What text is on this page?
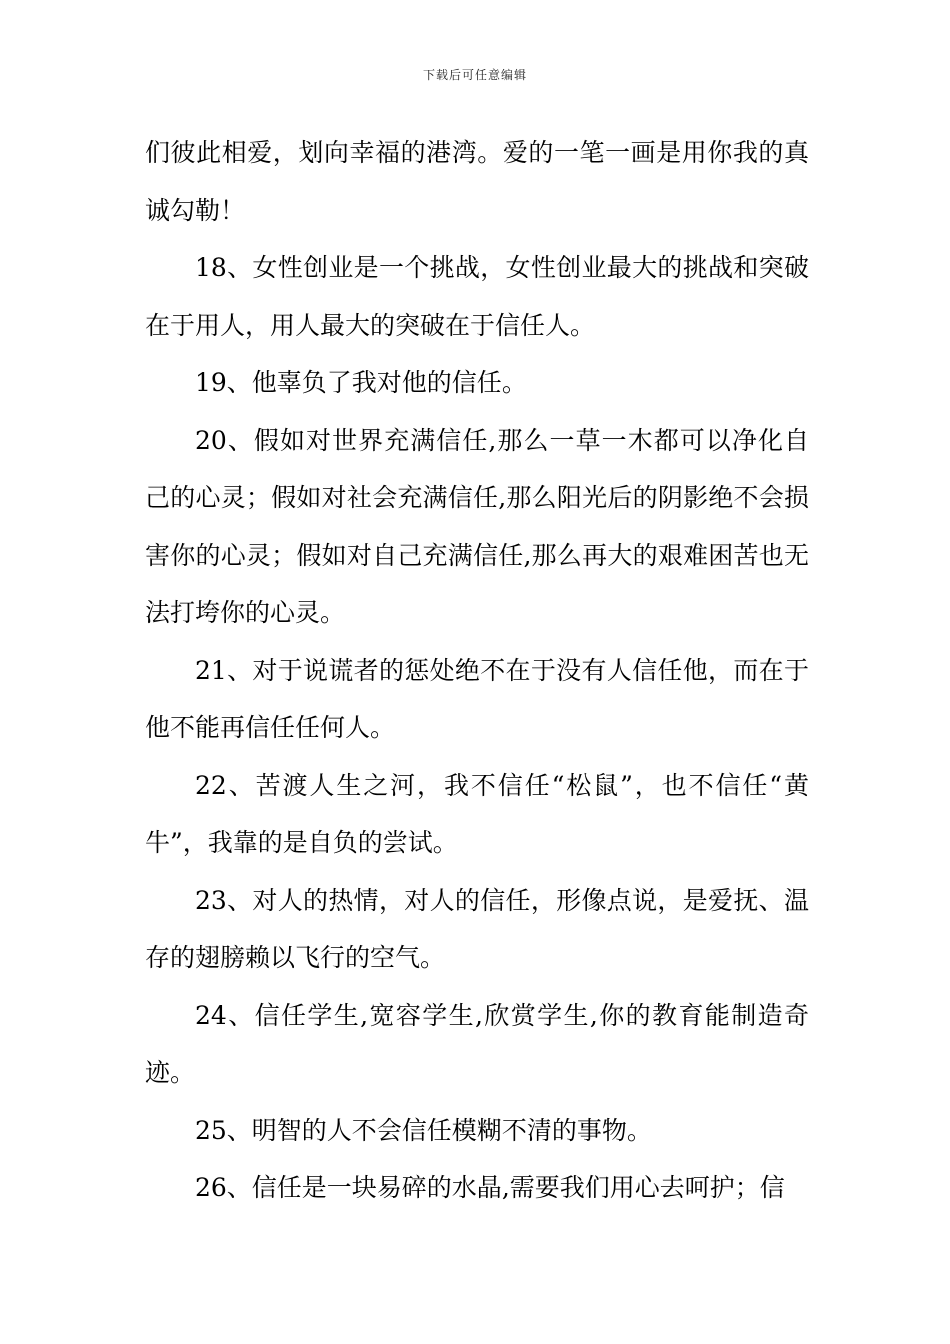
下载后可任意编辑

们彼此相爱，划向幸福的港湾。爱的一笔一画是用你我的真诚勾勒！

18、女性创业是一个挑战，女性创业最大的挑战和突破在于用人，用人最大的突破在于信任人。

19、他辜负了我对他的信任。

20、假如对世界充满信任,那么一草一木都可以净化自己的心灵；假如对社会充满信任,那么阳光后的阴影绝不会损害你的心灵；假如对自己充满信任,那么再大的艰难困苦也无法打垮你的心灵。

21、对于说谎者的惩处绝不在于没有人信任他，而在于他不能再信任任何人。

22、苦渡人生之河，我不信任“松鼠”，也不信任“黄牛”，我靠的是自负的尝试。

23、对人的热情，对人的信任，形像点说，是爱抚、温存的翅膀赖以飞行的空气。

24、信任学生,宽容学生,欣赏学生,你的教育能制造奇迹。

25、明智的人不会信任模糊不清的事物。

26、信任是一块易碎的水晶,需要我们用心去呵护；信
